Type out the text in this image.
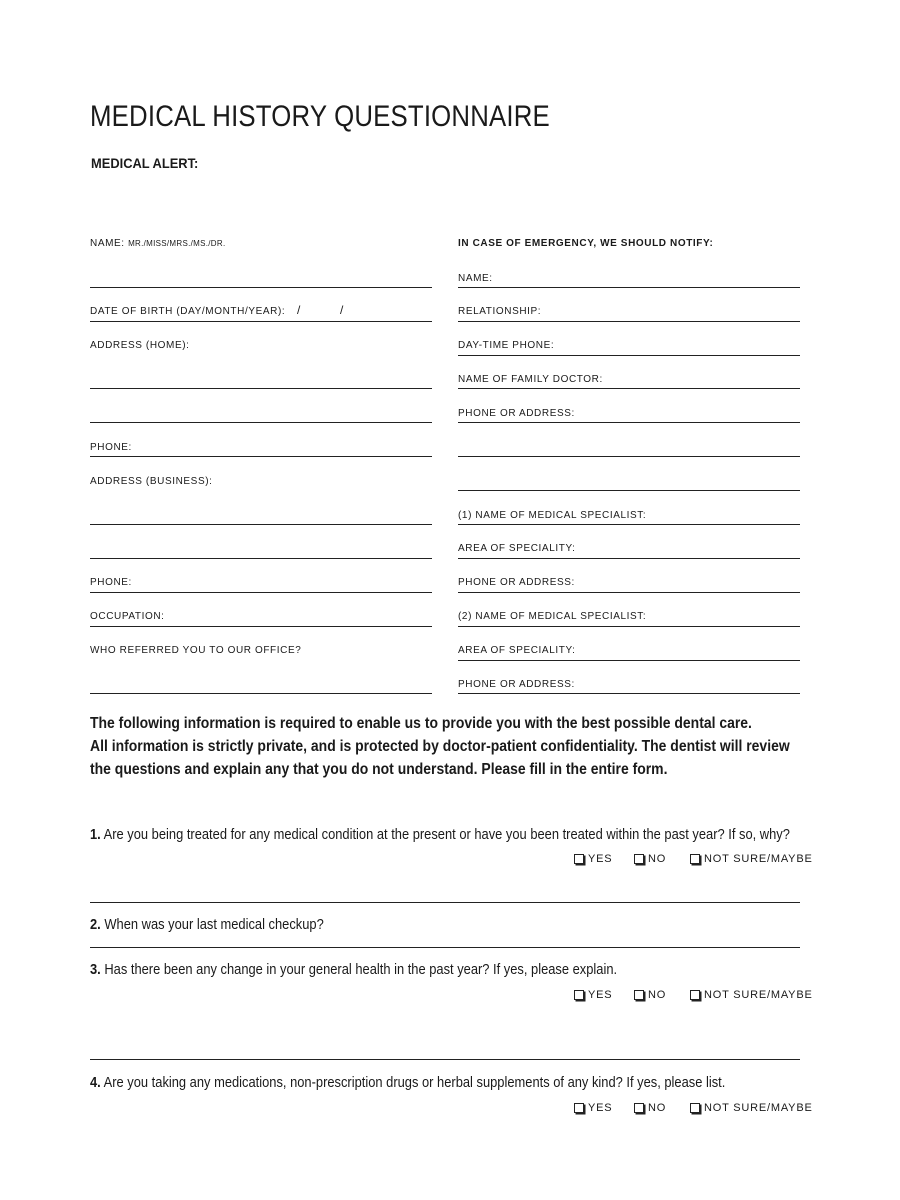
MEDICAL HISTORY QUESTIONNAIRE
MEDICAL ALERT:
NAME: MR./MISS/MRS./MS./DR.
DATE OF BIRTH (DAY/MONTH/YEAR): /	/
ADDRESS (HOME):
PHONE:
ADDRESS (BUSINESS):
PHONE:
OCCUPATION:
WHO REFERRED YOU TO OUR OFFICE?
IN CASE OF EMERGENCY, WE SHOULD NOTIFY:
NAME:
RELATIONSHIP:
DAY-TIME PHONE:
NAME OF FAMILY DOCTOR:
PHONE OR ADDRESS:
(1) NAME OF MEDICAL SPECIALIST:
AREA OF SPECIALITY:
PHONE OR ADDRESS:
(2) NAME OF MEDICAL SPECIALIST:
AREA OF SPECIALITY:
PHONE OR ADDRESS:
The following information is required to enable us to provide you with the best possible dental care.
All information is strictly private, and is protected by doctor-patient confidentiality. The dentist will review
the questions and explain any that you do not understand. Please fill in the entire form.
1. Are you being treated for any medical condition at the present or have you been treated within the past year? If so, why?
YES	NO	NOT SURE/MAYBE
2. When was your last medical checkup?
3. Has there been any change in your general health in the past year? If yes, please explain.
YES	NO	NOT SURE/MAYBE
4. Are you taking any medications, non-prescription drugs or herbal supplements of any kind? If yes, please list.
YES	NO	NOT SURE/MAYBE
